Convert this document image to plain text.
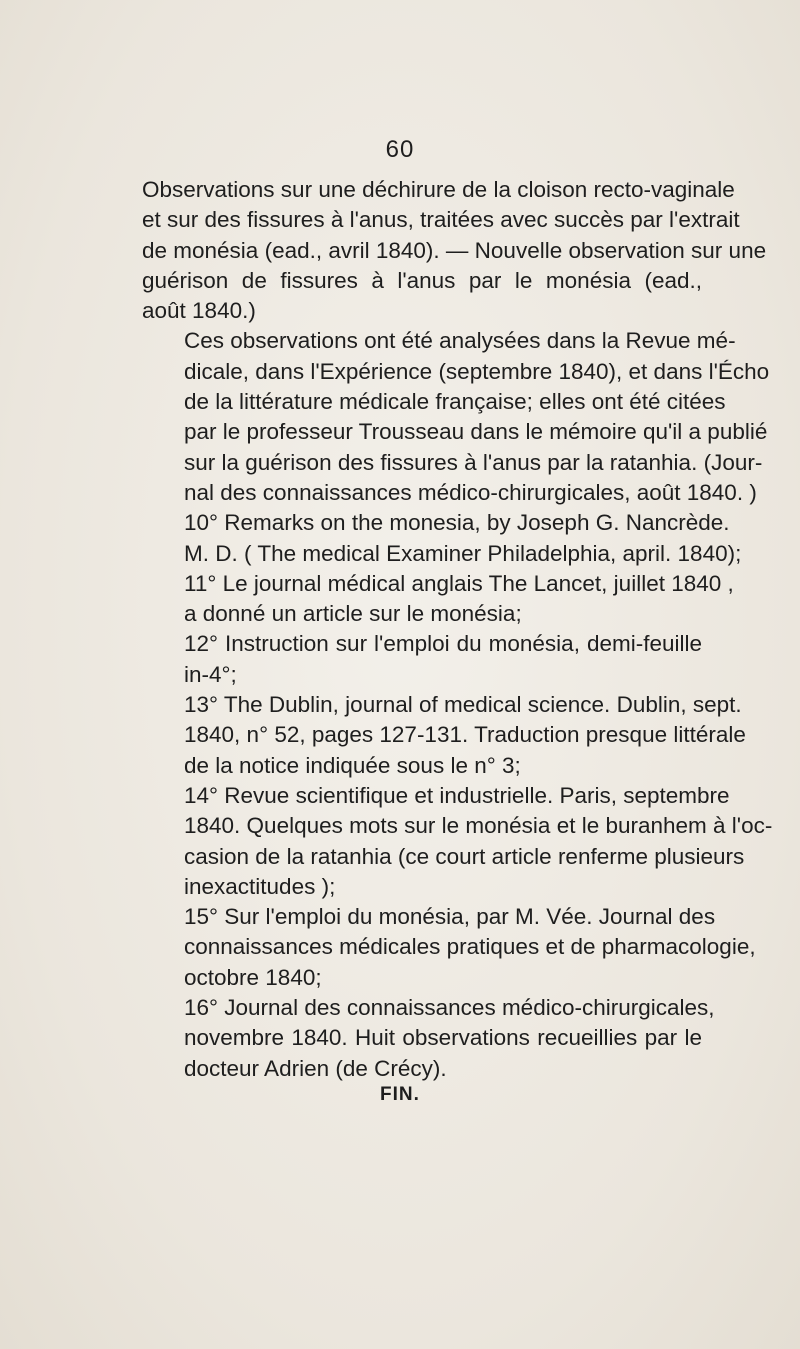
60

Observations sur une déchirure de la cloison recto-vaginale
et sur des fissures à l'anus, traitées avec succès par l'extrait
de monésia (ead., avril 1840). — Nouvelle observation sur une
guérison de fissures à l'anus par le monésia (ead.,
août 1840.)

Ces observations ont été analysées dans la Revue mé-
dicale, dans l'Expérience (septembre 1840), et dans l'Écho
de la littérature médicale française; elles ont été citées
par le professeur Trousseau dans le mémoire qu'il a publié
sur la guérison des fissures à l'anus par la ratanhia. (Jour-
nal des connaissances médico-chirurgicales, août 1840. )

10° Remarks on the monesia, by Joseph G. Nancrède.
M. D. ( The medical Examiner Philadelphia, april. 1840);

11° Le journal médical anglais The Lancet, juillet 1840 ,
a donné un article sur le monésia;

12° Instruction sur l'emploi du monésia, demi-feuille
in-4°;

13° The Dublin, journal of medical science. Dublin, sept.
1840, n° 52, pages 127-131. Traduction presque littérale
de la notice indiquée sous le n° 3;

14° Revue scientifique et industrielle. Paris, septembre
1840. Quelques mots sur le monésia et le buranhem à l'oc-
casion de la ratanhia (ce court article renferme plusieurs
inexactitudes );

15° Sur l'emploi du monésia, par M. Vée. Journal des
connaissances médicales pratiques et de pharmacologie,
octobre 1840;

16° Journal des connaissances médico-chirurgicales,
novembre 1840. Huit observations recueillies par le
docteur Adrien (de Crécy).

FIN.
